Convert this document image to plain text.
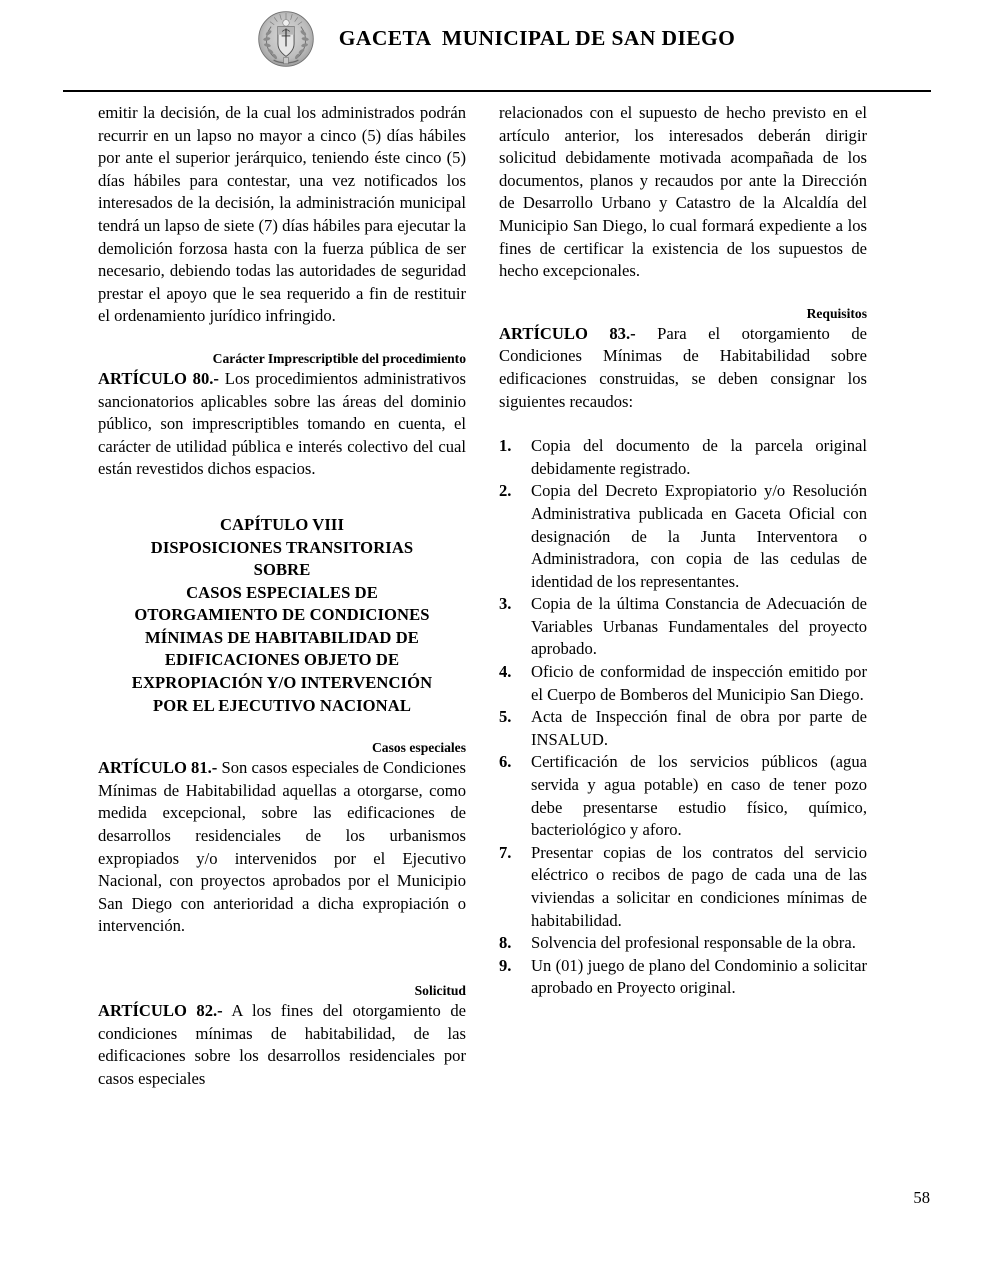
GACETA  MUNICIPAL DE SAN DIEGO

emitir la decisión, de la cual los administrados podrán recurrir en un lapso no mayor a cinco (5) días hábiles por ante el superior jerárquico, teniendo éste cinco (5) días hábiles para contestar, una vez notificados los interesados de la decisión, la administración municipal tendrá un lapso de siete (7) días hábiles para ejecutar la demolición forzosa hasta con la fuerza pública de ser necesario, debiendo todas las autoridades de seguridad prestar el apoyo que le sea requerido a fin de restituir el ordenamiento jurídico infringido.

Carácter Imprescriptible del procedimiento

ARTÍCULO 80.- Los procedimientos administrativos sancionatorios aplicables sobre las áreas del dominio público, son imprescriptibles tomando en cuenta, el carácter de utilidad pública e interés colectivo del cual están revestidos dichos espacios.

CAPÍTULO VIII

DISPOSICIONES TRANSITORIAS

SOBRE

CASOS ESPECIALES DE

OTORGAMIENTO DE CONDICIONES

MÍNIMAS DE HABITABILIDAD DE

EDIFICACIONES OBJETO DE

EXPROPIACIÓN Y/O INTERVENCIÓN

POR EL EJECUTIVO NACIONAL

Casos especiales

ARTÍCULO 81.- Son casos especiales de Condiciones Mínimas de Habitabilidad aquellas a otorgarse, como medida excepcional, sobre las edificaciones de desarrollos residenciales de los urbanismos expropiados y/o intervenidos por el Ejecutivo Nacional, con proyectos aprobados por el Municipio San Diego con anterioridad a dicha expropiación o intervención.

Solicitud

ARTÍCULO 82.- A los fines del otorgamiento de condiciones mínimas de habitabilidad, de las edificaciones sobre los desarrollos residenciales por casos especiales

relacionados con el supuesto de hecho previsto en el artículo anterior, los interesados deberán dirigir solicitud debidamente motivada acompañada de los documentos, planos y recaudos por ante la Dirección de Desarrollo Urbano y Catastro de la Alcaldía del Municipio San Diego, lo cual formará expediente a los fines de certificar la existencia de los supuestos de hecho excepcionales.

Requisitos

ARTÍCULO 83.- Para el otorgamiento de Condiciones Mínimas de Habitabilidad sobre edificaciones construidas, se deben consignar los siguientes recaudos:

1.	Copia del documento de la parcela original debidamente registrado.
2.	Copia del Decreto Expropiatorio y/o Resolución Administrativa publicada en Gaceta Oficial con designación de la Junta Interventora o Administradora, con copia de las cedulas de identidad de los representantes.
3.	Copia de la última Constancia de Adecuación de Variables Urbanas Fundamentales del proyecto aprobado.
4.	Oficio de conformidad de inspección emitido por el Cuerpo de Bomberos del Municipio San Diego.
5.	Acta de Inspección final de obra por parte de INSALUD.
6.	Certificación de los servicios públicos (agua servida y agua potable) en caso de tener pozo debe presentarse estudio físico, químico, bacteriológico y aforo.
7.	Presentar copias de los contratos del servicio eléctrico o recibos de pago de cada una de las viviendas a solicitar en condiciones mínimas de habitabilidad.
8.	Solvencia del profesional responsable de la obra.
9.	Un (01) juego de plano del Condominio a solicitar aprobado en Proyecto original.
58
